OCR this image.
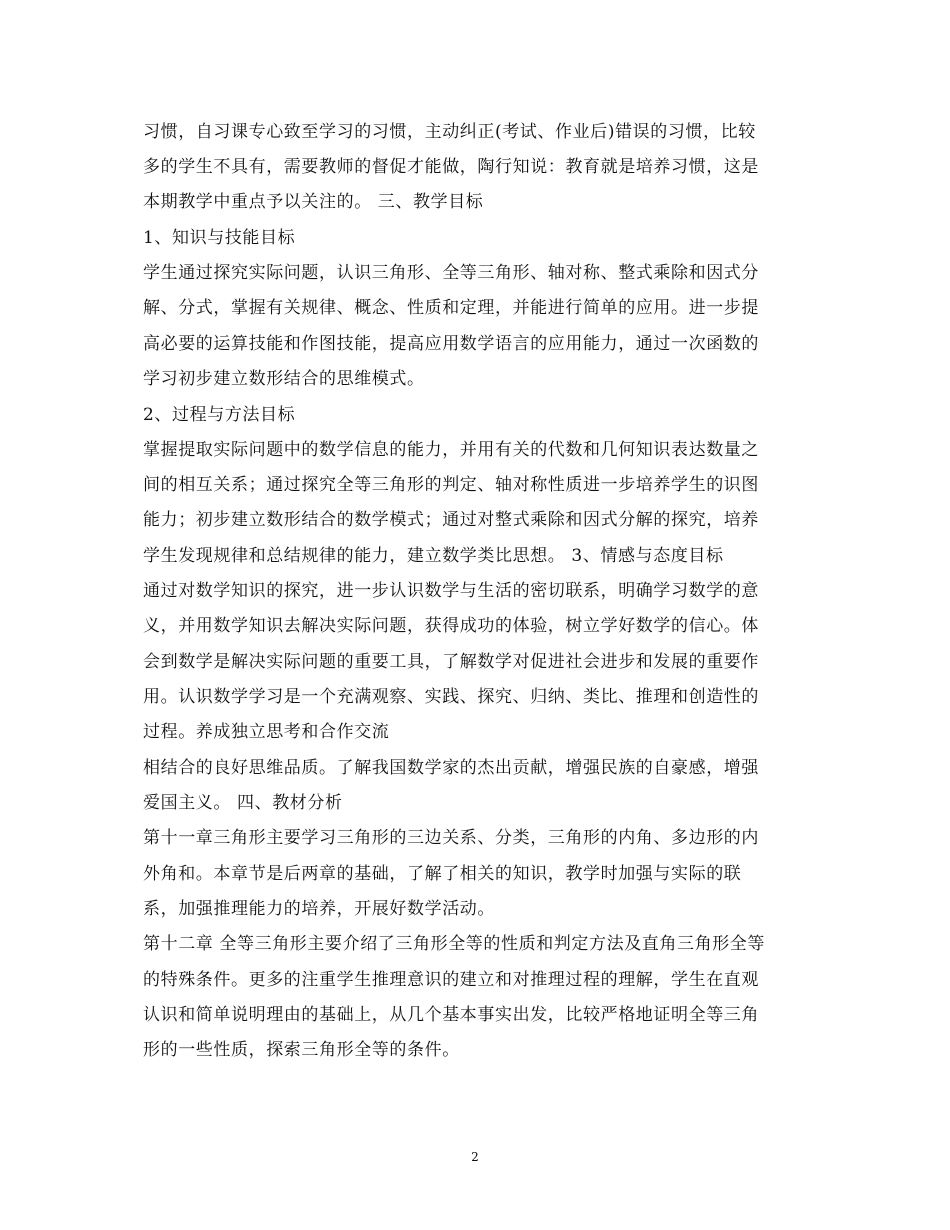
习惯，自习课专心致至学习的习惯，主动纠正(考试、作业后)错误的习惯，比较
多的学生不具有，需要教师的督促才能做，陶行知说：教育就是培养习惯，这是
本期教学中重点予以关注的。 三、教学目标
1、知识与技能目标
学生通过探究实际问题，认识三角形、全等三角形、轴对称、整式乘除和因式分
解、分式，掌握有关规律、概念、性质和定理，并能进行简单的应用。进一步提
高必要的运算技能和作图技能，提高应用数学语言的应用能力，通过一次函数的
学习初步建立数形结合的思维模式。
2、过程与方法目标
掌握提取实际问题中的数学信息的能力，并用有关的代数和几何知识表达数量之
间的相互关系；通过探究全等三角形的判定、轴对称性质进一步培养学生的识图
能力；初步建立数形结合的数学模式；通过对整式乘除和因式分解的探究，培养
学生发现规律和总结规律的能力，建立数学类比思想。 3、情感与态度目标
通过对数学知识的探究，进一步认识数学与生活的密切联系，明确学习数学的意
义，并用数学知识去解决实际问题，获得成功的体验，树立学好数学的信心。体
会到数学是解决实际问题的重要工具，了解数学对促进社会进步和发展的重要作
用。认识数学学习是一个充满观察、实践、探究、归纳、类比、推理和创造性的
过程。养成独立思考和合作交流
相结合的良好思维品质。了解我国数学家的杰出贡献，增强民族的自豪感，增强
爱国主义。 四、教材分析
第十一章三角形主要学习三角形的三边关系、分类，三角形的内角、多边形的内
外角和。本章节是后两章的基础，了解了相关的知识，教学时加强与实际的联
系，加强推理能力的培养，开展好数学活动。
第十二章 全等三角形主要介绍了三角形全等的性质和判定方法及直角三角形全等
的特殊条件。更多的注重学生推理意识的建立和对推理过程的理解，学生在直观
认识和简单说明理由的基础上，从几个基本事实出发，比较严格地证明全等三角
形的一些性质，探索三角形全等的条件。
2
